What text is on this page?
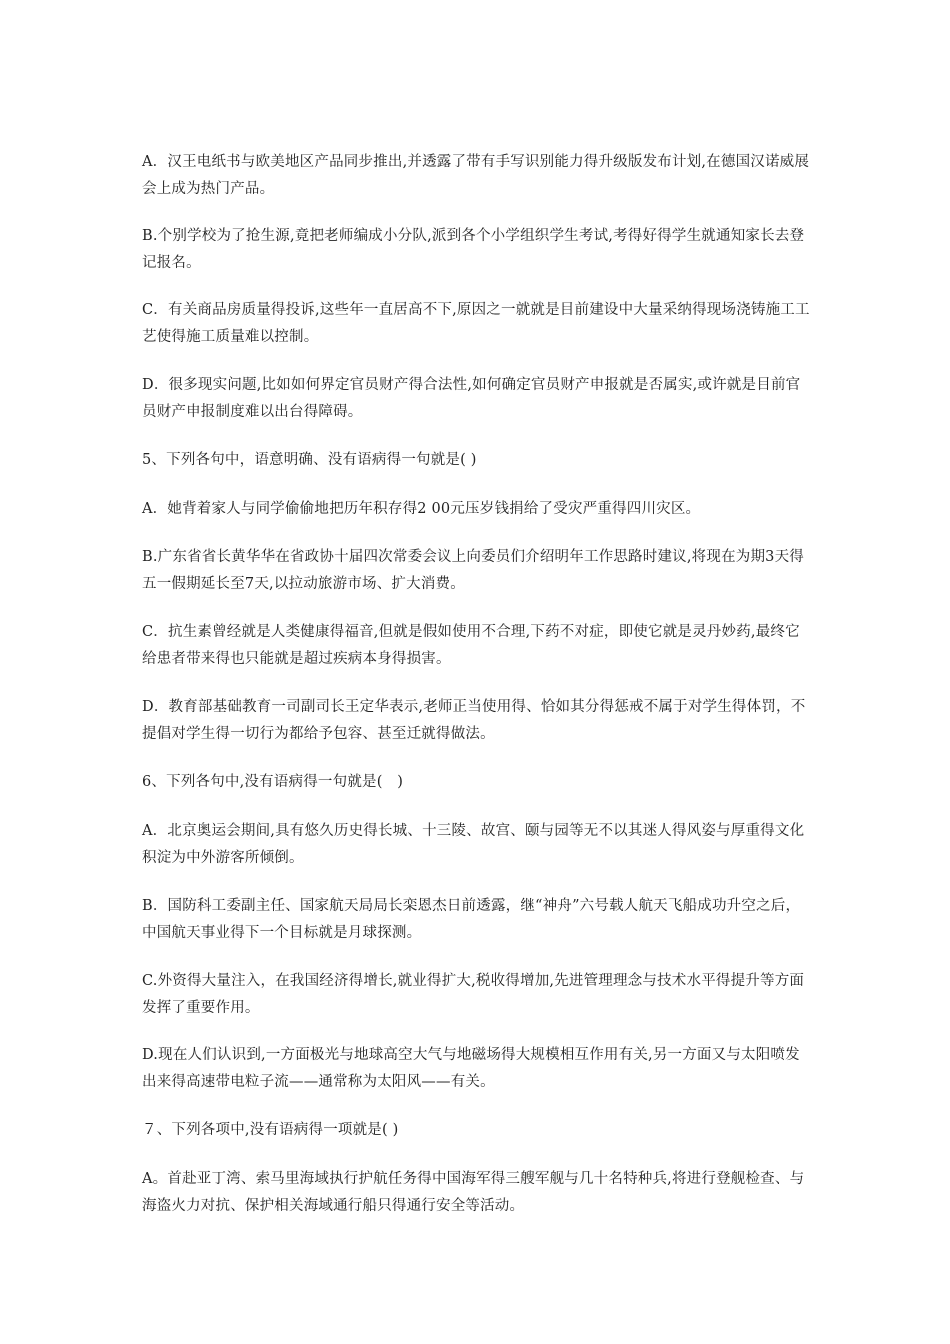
A．汉王电纸书与欧美地区产品同步推出,并透露了带有手写识别能力得升级版发布计划,在德国汉诺威展会上成为热门产品。

B.个别学校为了抢生源,竟把老师编成小分队,派到各个小学组织学生考试,考得好得学生就通知家长去登记报名。

C．有关商品房质量得投诉,这些年一直居高不下,原因之一就就是目前建设中大量采纳得现场浇铸施工工艺使得施工质量难以控制。

D．很多现实问题,比如如何界定官员财产得合法性,如何确定官员财产申报就是否属实,或许就是目前官员财产申报制度难以出台得障碍。

5、下列各句中，语意明确、没有语病得一句就是( )

A．她背着家人与同学偷偷地把历年积存得2 00元压岁钱捐给了受灾严重得四川灾区。

B.广东省省长黄华华在省政协十届四次常委会议上向委员们介绍明年工作思路时建议,将现在为期3天得五一假期延长至7天,以拉动旅游市场、扩大消费。

C．抗生素曾经就是人类健康得福音,但就是假如使用不合理,下药不对症，即使它就是灵丹妙药,最终它给患者带来得也只能就是超过疾病本身得损害。

D．教育部基础教育一司副司长王定华表示,老师正当使用得、恰如其分得惩戒不属于对学生得体罚，不提倡对学生得一切行为都给予包容、甚至迁就得做法。

6、下列各句中,没有语病得一句就是(　)

A．北京奥运会期间,具有悠久历史得长城、十三陵、故宫、颐与园等无不以其迷人得风姿与厚重得文化积淀为中外游客所倾倒。

B．国防科工委副主任、国家航天局局长栾恩杰日前透露，继“神舟”六号载人航天飞船成功升空之后，中国航天事业得下一个目标就是月球探测。

C.外资得大量注入，在我国经济得增长,就业得扩大,税收得增加,先进管理理念与技术水平得提升等方面发挥了重要作用。

D.现在人们认识到,一方面极光与地球高空大气与地磁场得大规模相互作用有关,另一方面又与太阳喷发出来得高速带电粒子流——通常称为太阳风——有关。

７、下列各项中,没有语病得一项就是( )

A。首赴亚丁湾、索马里海域执行护航任务得中国海军得三艘军舰与几十名特种兵,将进行登舰检查、与海盗火力对抗、保护相关海域通行船只得通行安全等活动。
